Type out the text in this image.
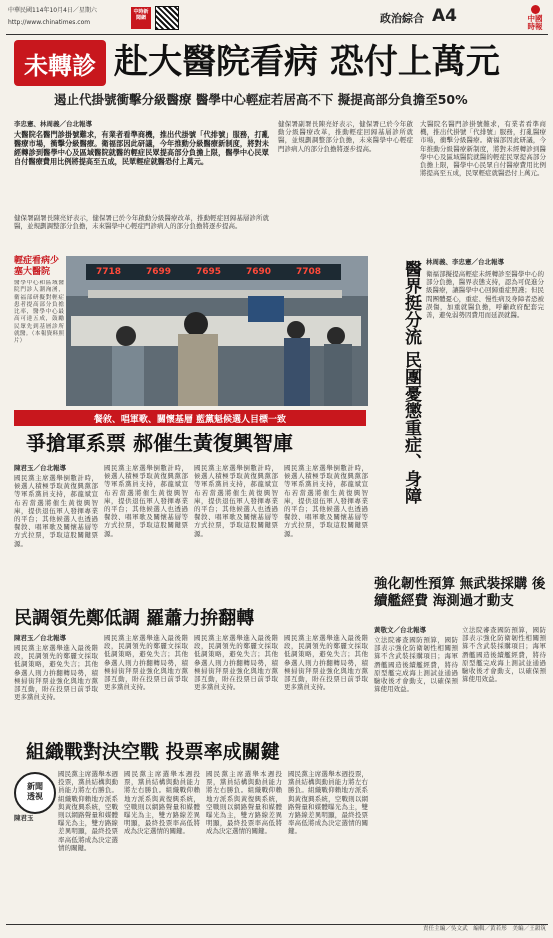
中華民國114年10月4日／星期六
http://www.chinatimes.com
中時新聞網	政治綜合 A4	中國時報
未轉診 赴大醫院看病 恐付上萬元
遏止代掛號衝擊分級醫療 醫學中心輕症若居高不下 擬提高部分負擔至50%
李忠憲、林周義／台北報導
大醫院名醫門診掛號難求，有業者看準商機，推出代掛號「代排號」服務，打亂醫療市場，衝擊分級醫療。衛福部因此研議，今年推動分級醫療新制度，將對未經轉診到醫學中心及區域醫院就醫的輕症民眾提高部分負擔上限，醫學中心民眾自付醫療費用比例將提高至五成，民眾輕症就醫恐付上萬元。
健保署副署長陳亮妤表示，健保署已於今年啟動分級醫療改革，推動輕症回歸基層診所就醫，並規劃調整部分負擔，未來醫學中心輕症門診病人的部分負擔將逐步提高。
健保署副署長陳亮妤表示，健保署已於今年啟動分級醫療改革，推動輕症回歸基層診所就醫，並規劃調整部分負擔，未來醫學中心輕症門診病人的部分負擔將逐步提高。
大醫院名醫門診掛號難求，有業者看準商機，推出代掛號「代排號」服務，打亂醫療市場，衝擊分級醫療。衛福部因此研議，今年推動分級醫療新制度，將對未經轉診到醫學中心及區域醫院就醫的輕症民眾提高部分負擔上限，醫學中心民眾自付醫療費用比例將提高至五成，民眾輕症就醫恐付上萬元。
7718	7699	7695	7690	7708
輕症看病少塞大醫院
醫學中心和區域醫院門診人潮洶湧，衛福部研擬對輕症患者提高部分負擔比率，醫學中心最高可達五成，鼓勵民眾先到基層診所就醫。（本報資料照片）	醫界挺分流 民團憂懲重症、身障 林周義、李忠憲／台北報導
衛福部擬提高輕症未經轉診至醫學中心的部分負擔，醫界表態支持，認為可促進分級醫療，讓醫學中心回歸重症照護；但民間團體憂心，重症、慢性病及身障者恐被誤傷，加重就醫負擔，呼籲政府配套完善，避免弱勢因費用而延誤就醫。
餐敘、唱軍歌、關懷基層 藍黨魁候選人目標一致
爭搶軍系票 郝催生黃復興智庫
陳君玉／台北報導
國民黨主席選舉倒數計時，候選人積極爭取黃復興黨部等軍系黨員支持，郝龍斌宣布若當選將催生黃復興智庫，提供退伍軍人發揮專業的平台；其他候選人也透過餐敘、唱軍歌及關懷基層等方式拉票，爭取這股關鍵票源。
國民黨主席選舉倒數計時，候選人積極爭取黃復興黨部等軍系黨員支持，郝龍斌宣布若當選將催生黃復興智庫，提供退伍軍人發揮專業的平台；其他候選人也透過餐敘、唱軍歌及關懷基層等方式拉票，爭取這股關鍵票源。
國民黨主席選舉倒數計時，候選人積極爭取黃復興黨部等軍系黨員支持，郝龍斌宣布若當選將催生黃復興智庫，提供退伍軍人發揮專業的平台；其他候選人也透過餐敘、唱軍歌及關懷基層等方式拉票，爭取這股關鍵票源。
國民黨主席選舉倒數計時，候選人積極爭取黃復興黨部等軍系黨員支持，郝龍斌宣布若當選將催生黃復興智庫，提供退伍軍人發揮專業的平台；其他候選人也透過餐敘、唱軍歌及關懷基層等方式拉票，爭取這股關鍵票源。
民調領先鄭低調 羅蕭力拚翻轉
陳君玉／台北報導
國民黨主席選舉進入最後階段，民調領先的鄭麗文採取低調策略，避免失言；其他參選人則力拚翻轉局勢，積極掃街拜票並強化與地方黨部互動，盼在投票日前爭取更多黨員支持。
國民黨主席選舉進入最後階段，民調領先的鄭麗文採取低調策略，避免失言；其他參選人則力拚翻轉局勢，積極掃街拜票並強化與地方黨部互動，盼在投票日前爭取更多黨員支持。
國民黨主席選舉進入最後階段，民調領先的鄭麗文採取低調策略，避免失言；其他參選人則力拚翻轉局勢，積極掃街拜票並強化與地方黨部互動，盼在投票日前爭取更多黨員支持。
國民黨主席選舉進入最後階段，民調領先的鄭麗文採取低調策略，避免失言；其他參選人則力拚翻轉局勢，積極掃街拜票並強化與地方黨部互動，盼在投票日前爭取更多黨員支持。
組織戰對決空戰 投票率成關鍵
新聞
透視
陳君玉
國民黨主席選舉本週投票，黨員結構與動員能力將左右勝負。組織戰仰賴地方派系與黃復興系統，空戰則以網路聲量和媒體曝光為主，雙方路線差異明顯，最終投票率高低將成為決定選情的關鍵。
國民黨主席選舉本週投票，黨員結構與動員能力將左右勝負。組織戰仰賴地方派系與黃復興系統，空戰則以網路聲量和媒體曝光為主，雙方路線差異明顯，最終投票率高低將成為決定選情的關鍵。
國民黨主席選舉本週投票，黨員結構與動員能力將左右勝負。組織戰仰賴地方派系與黃復興系統，空戰則以網路聲量和媒體曝光為主，雙方路線差異明顯，最終投票率高低將成為決定選情的關鍵。
國民黨主席選舉本週投票，黨員結構與動員能力將左右勝負。組織戰仰賴地方派系與黃復興系統，空戰則以網路聲量和媒體曝光為主，雙方路線差異明顯，最終投票率高低將成為決定選情的關鍵。
強化韌性預算 無武裝採購 後續艦經費 海測過才動支
黃敬文／台北報導
立法院審查國防預算，國防部表示強化防衛韌性相關預算不含武裝採購項目；海軍潛艦國造後續艦經費，將待原型艦完成海上測試並通過驗收後才會動支，以確保預算使用效益。
立法院審查國防預算，國防部表示強化防衛韌性相關預算不含武裝採購項目；海軍潛艦國造後續艦經費，將待原型艦完成海上測試並通過驗收後才會動支，以確保預算使用效益。
責任主編／吳文武　編輯／黃若彤　美編／王韻筑
